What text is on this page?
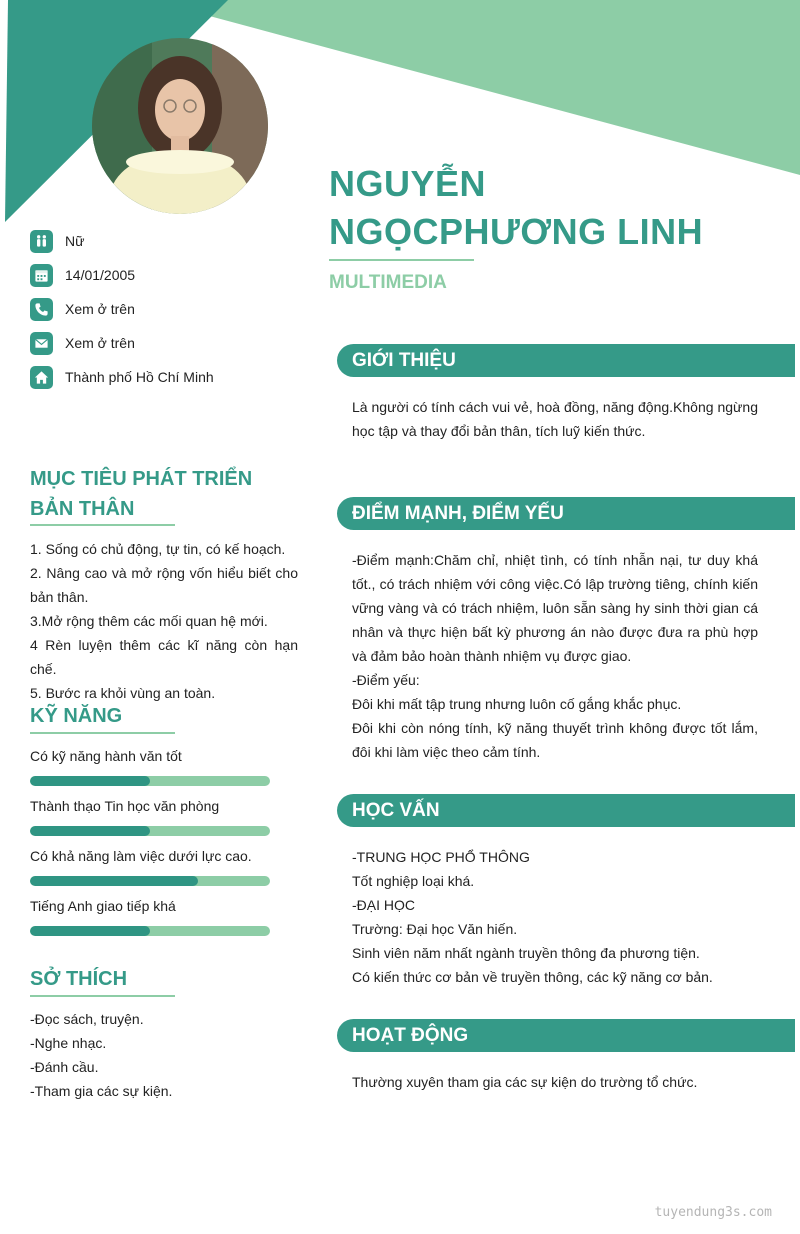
NGUYỄN NGỌCPHƯƠNG LINH
MULTIMEDIA
Nữ
14/01/2005
Xem ở trên
Xem ở trên
Thành phố Hồ Chí Minh
MỤC TIÊU PHÁT TRIỂN BẢN THÂN

1. Sống có chủ động, tự tin, có kế hoạch.

2. Nâng cao và mở rộng vốn hiểu biết cho bản thân.

3.Mở rộng thêm các mối quan hệ mới.

4 Rèn luyện thêm các kĩ năng còn hạn chế.

5. Bước ra khỏi vùng an toàn.

KỸ NĂNG
Có kỹ năng hành văn tốt
Thành thạo Tin học văn phòng
Có khả năng làm việc dưới lực cao.
Tiếng Anh giao tiếp khá
SỞ THÍCH

-Đọc sách, truyện.

-Nghe nhạc.

-Đánh cầu.

-Tham gia các sự kiện.

GIỚI THIỆU

Là người có tính cách vui vẻ, hoà đồng, năng động.Không ngừng học tập và thay đổi bản thân, tích luỹ kiến thức.

ĐIỂM MẠNH, ĐIỂM YẾU

-Điểm mạnh:Chăm chỉ, nhiệt tình, có tính nhẫn nại, tư duy khá tốt., có trách nhiệm với công việc.Có lập trường tiêng, chính kiến vững vàng và có trách nhiệm, luôn sẵn sàng hy sinh thời gian cá nhân và thực hiện bất kỳ phương án nào được đưa ra phù hợp và đảm bảo hoàn thành nhiệm vụ được giao.

-Điểm yếu:

Đôi khi mất tập trung nhưng luôn cố gắng khắc phục.

Đôi khi còn nóng tính, kỹ năng thuyết trình không được tốt lắm, đôi khi làm việc theo cảm tính.

HỌC VẤN

-TRUNG HỌC PHỔ THÔNG

Tốt nghiệp loại khá.

-ĐẠI HỌC

Trường: Đại học Văn hiến.

Sinh viên năm nhất ngành truyền thông đa phương tiện.

Có kiến thức cơ bản về truyền thông, các kỹ năng cơ bản.

HOẠT ĐỘNG

Thường xuyên tham gia các sự kiện do trường tổ chức.

tuyendung3s.com
